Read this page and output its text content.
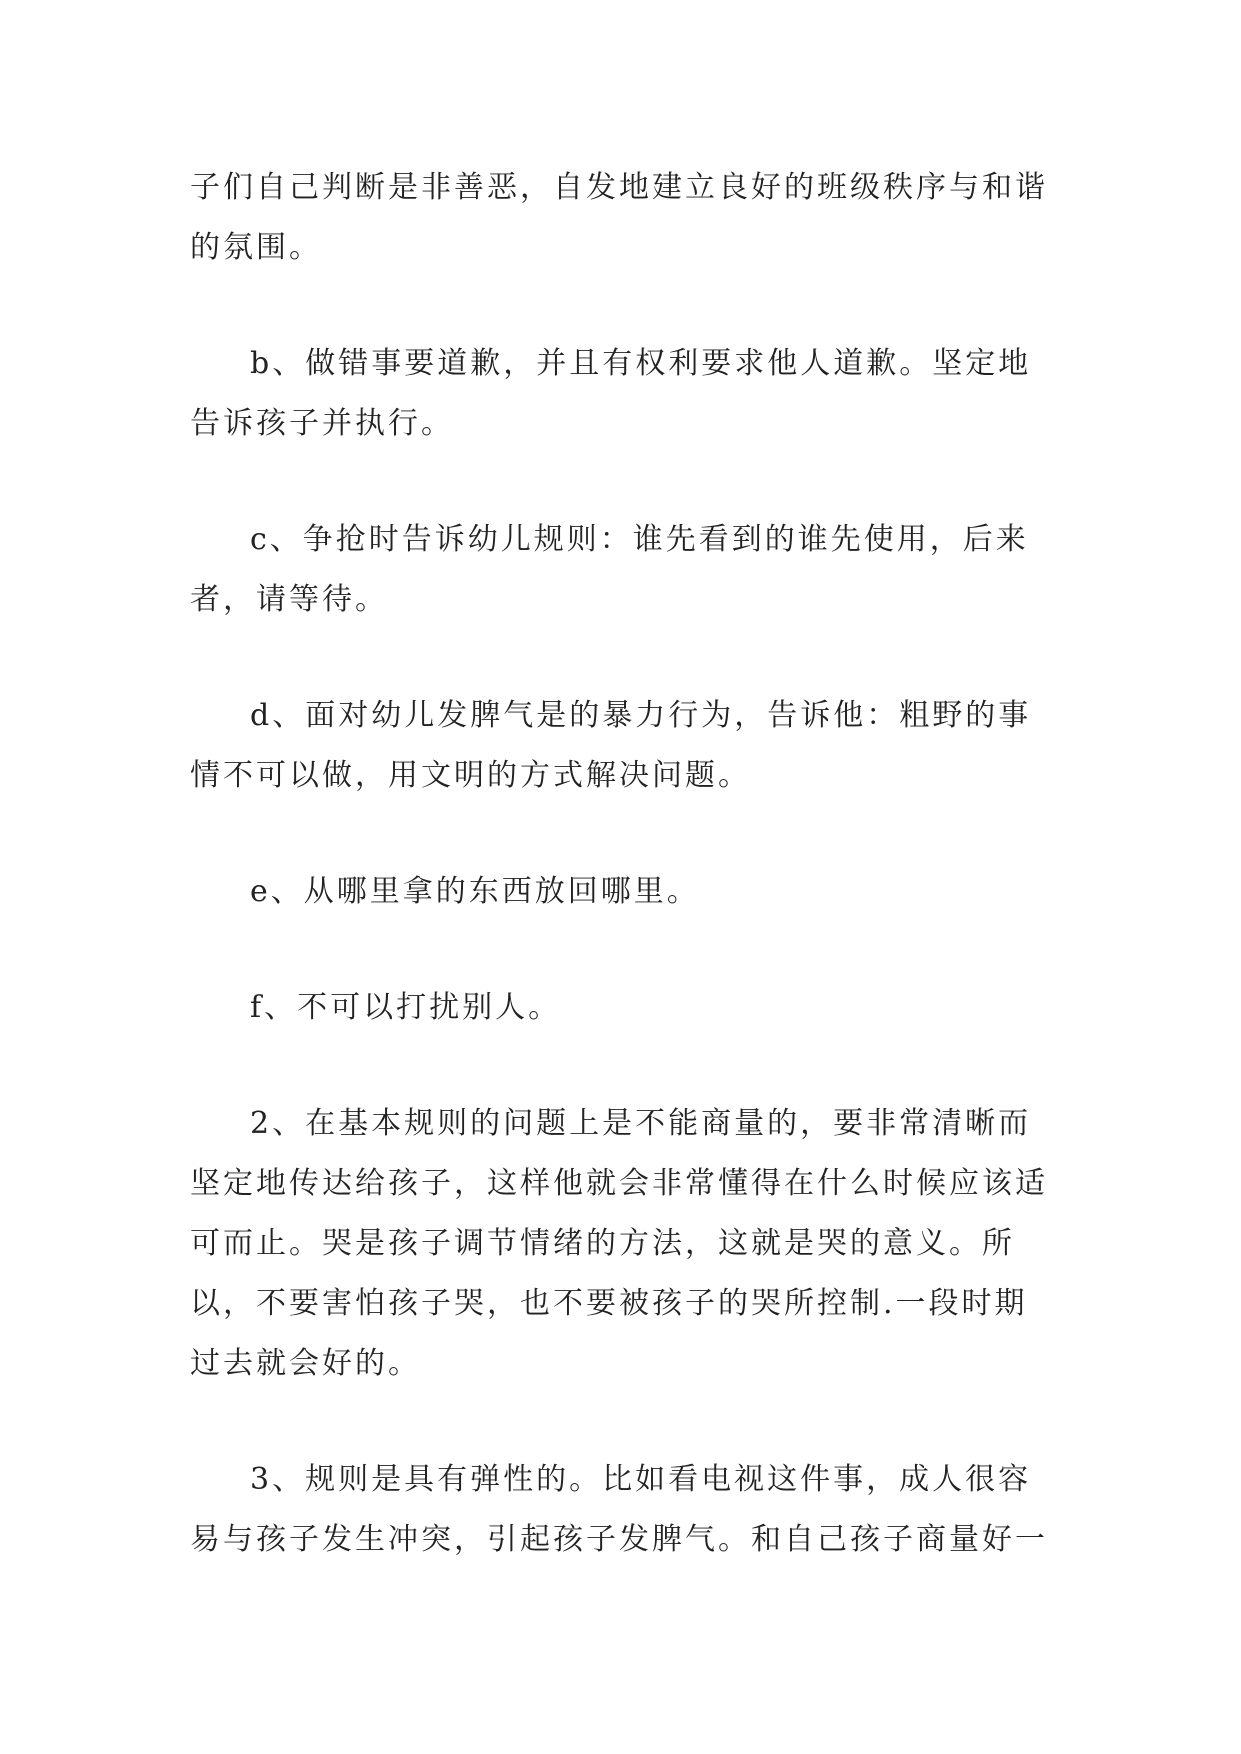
子们自己判断是非善恶，自发地建立良好的班级秩序与和谐的氛围。

b、做错事要道歉，并且有权利要求他人道歉。坚定地告诉孩子并执行。

c、争抢时告诉幼儿规则：谁先看到的谁先使用，后来者，请等待。

d、面对幼儿发脾气是的暴力行为，告诉他：粗野的事情不可以做，用文明的方式解决问题。

e、从哪里拿的东西放回哪里。

f、不可以打扰别人。

2、在基本规则的问题上是不能商量的，要非常清晰而坚定地传达给孩子，这样他就会非常懂得在什么时候应该适可而止。哭是孩子调节情绪的方法，这就是哭的意义。所以，不要害怕孩子哭，也不要被孩子的哭所控制.一段时期过去就会好的。

3、规则是具有弹性的。比如看电视这件事，成人很容易与孩子发生冲突，引起孩子发脾气。和自己孩子商量好一
